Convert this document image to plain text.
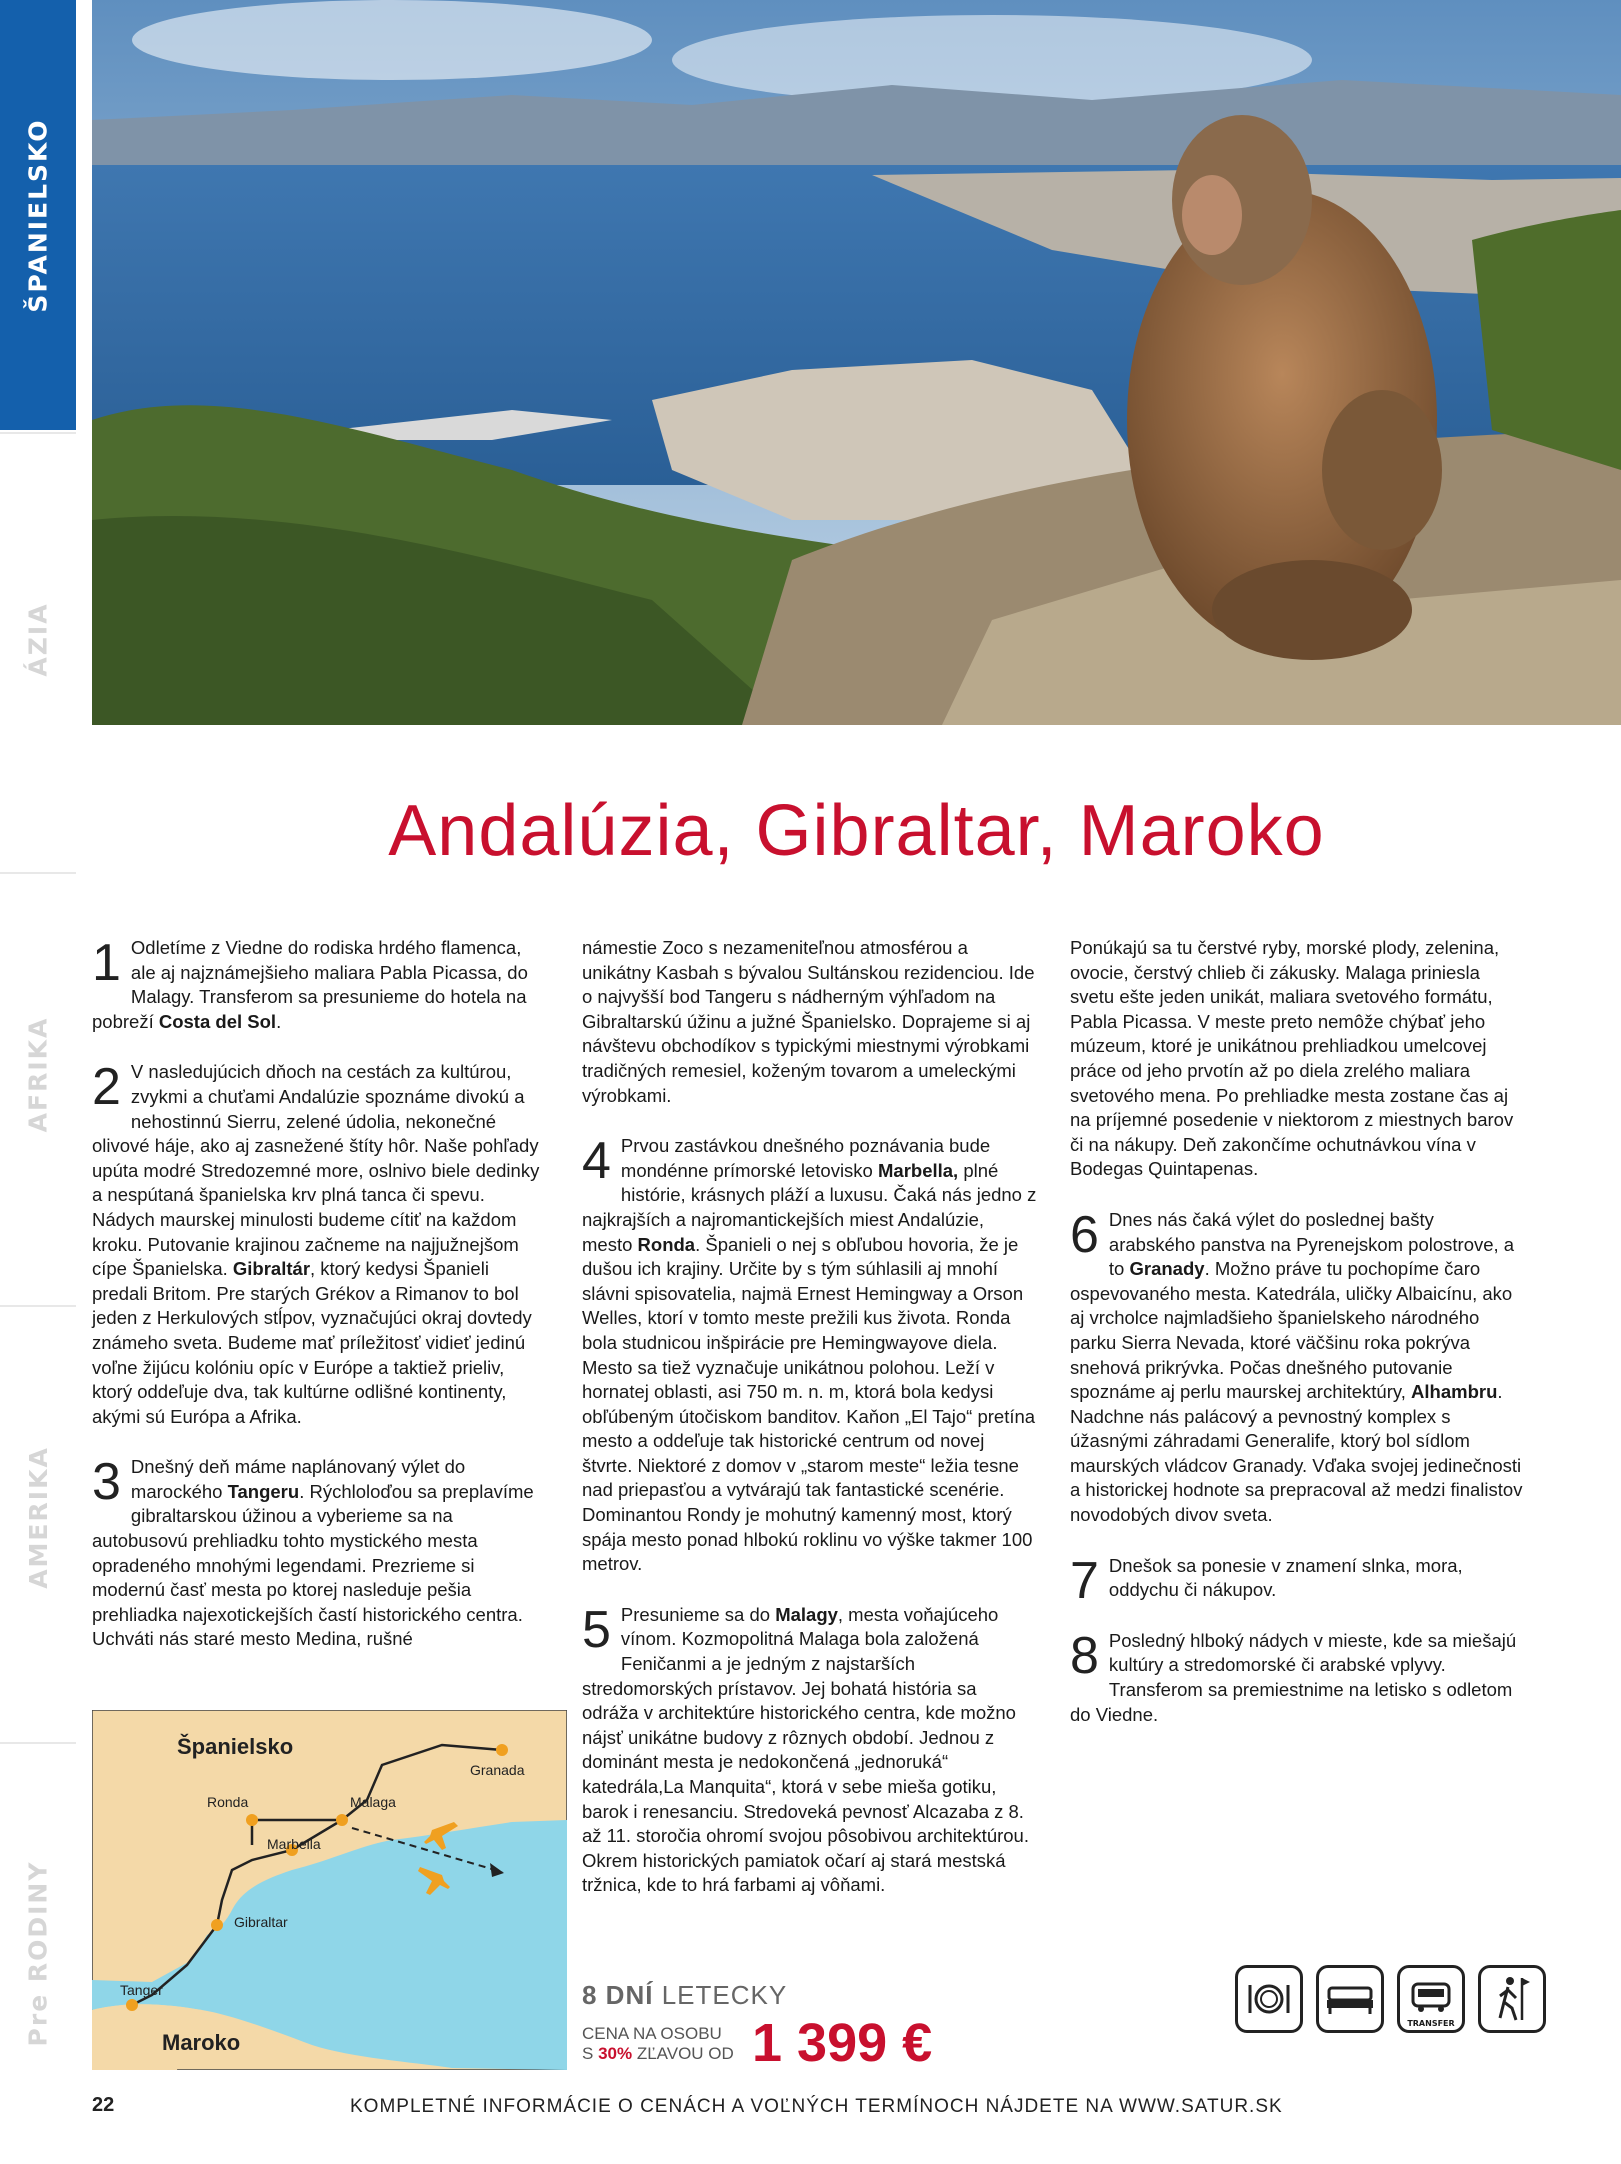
ŠPANIELSKO
ÁZIA
AFRIKA
AMERIKA
Pre RODINY
Andalúzia, Gibraltar, Maroko
1 Odletíme z Viedne do rodiska hrdého flamenca, ale aj najznámejšieho maliara Pabla Picassa, do Malagy. Transferom sa presunieme do hotela na pobreží Costa del Sol.
2 V nasledujúcich dňoch na cestách za kultúrou, zvykmi a chuťami Andalúzie spoznáme divokú a nehostinnú Sierru, zelené údolia, nekonečné olivové háje, ako aj zasnežené štíty hôr. Naše pohľady upúta modré Stredozemné more, oslnivo biele dedinky a nespútaná španielska krv plná tanca či spevu. Nádych maurskej minulosti budeme cítiť na každom kroku. Putovanie krajinou začneme na najjužnejšom cípe Španielska. Gibraltár, ktorý kedysi Španieli predali Britom. Pre starých Grékov a Rimanov to bol jeden z Herkulových stĺpov, vyznačujúci okraj dovtedy známeho sveta. Budeme mať príležitosť vidieť jedinú voľne žijúcu kolóniu opíc v Európe a taktiež prieliv, ktorý oddeľuje dva, tak kultúrne odlišné kontinenty, akými sú Európa a Afrika.
3 Dnešný deň máme naplánovaný výlet do marockého Tangeru. Rýchloloďou sa preplavíme gibraltarskou úžinou a vyberieme sa na autobusovú prehliadku tohto mystického mesta opradeného mnohými legendami. Prezrieme si modernú časť mesta po ktorej nasleduje pešia prehliadka najexotickejších častí historického centra. Uchváti nás staré mesto Medina, rušné
námestie Zoco s nezameniteľnou atmosférou a unikátny Kasbah s bývalou Sultánskou rezidenciou. Ide o najvyšší bod Tangeru s nádherným výhľadom na Gibraltarskú úžinu a južné Španielsko. Doprajeme si aj návštevu obchodíkov s typickými miestnymi výrobkami tradičných remesiel, koženým tovarom a umeleckými výrobkami.
4 Prvou zastávkou dnešného poznávania bude mondénne prímorské letovisko Marbella, plné histórie, krásnych pláží a luxusu. Čaká nás jedno z najkrajších a najromantickejších miest Andalúzie, mesto Ronda. Španieli o nej s obľubou hovoria, že je dušou ich krajiny. Určite by s tým súhlasili aj mnohí slávni spisovatelia, najmä Ernest Hemingway a Orson Welles, ktorí v tomto meste prežili kus života. Ronda bola studnicou inšpirácie pre Hemingwayove diela. Mesto sa tiež vyznačuje unikátnou polohou. Leží v hornatej oblasti, asi 750 m. n. m, ktorá bola kedysi obľúbeným útočiskom banditov. Kaňon „El Tajo“ pretína mesto a oddeľuje tak historické centrum od novej štvrte. Niektoré z domov v „starom meste“ ležia tesne nad priepasťou a vytvárajú tak fantastické scenérie. Dominantou Rondy je mohutný kamenný most, ktorý spája mesto ponad hlbokú roklinu vo výške takmer 100 metrov.
5 Presunieme sa do Malagy, mesta voňajúceho vínom. Kozmopolitná Malaga bola založená Feničanmi a je jedným z najstarších stredomorských prístavov. Jej bohatá história sa odráža v architektúre historického centra, kde možno nájsť unikátne budovy z rôznych období. Jednou z dominánt mesta je nedokončená „jednoruká“ katedrála,La Manquita“, ktorá v sebe mieša gotiku, barok i renesanciu. Stredoveká pevnosť Alcazaba z 8. až 11. storočia ohromí svojou pôsobivou architektúrou. Okrem historických pamiatok očarí aj stará mestská tržnica, kde to hrá farbami aj vôňami.
Ponúkajú sa tu čerstvé ryby, morské plody, zelenina, ovocie, čerstvý chlieb či zákusky. Malaga priniesla svetu ešte jeden unikát, maliara svetového formátu, Pabla Picassa. V meste preto nemôže chýbať jeho múzeum, ktoré je unikátnou prehliadkou umelcovej práce od jeho prvotín až po diela zrelého maliara svetového mena. Po prehliadke mesta zostane čas aj na príjemné posedenie v niektorom z miestnych barov či na nákupy. Deň zakončíme ochutnávkou vína v Bodegas Quintapenas.
6 Dnes nás čaká výlet do poslednej bašty arabského panstva na Pyrenejskom polostrove, a to Granady. Možno práve tu pochopíme čaro ospevovaného mesta. Katedrála, uličky Albaicínu, ako aj vrcholce najmladšieho španielskeho národného parku Sierra Nevada, ktoré väčšinu roka pokrýva snehová prikrývka. Počas dnešného putovanie spoznáme aj perlu maurskej architektúry, Alhambru. Nadchne nás palácový a pevnostný komplex s úžasnými záhradami Generalife, ktorý bol sídlom maurských vládcov Granady. Vďaka svojej jedinečnosti a historickej hodnote sa prepracoval až medzi finalistov novodobých divov sveta.
7 Dnešok sa ponesie v znamení slnka, mora, oddychu či nákupov.
8 Posledný hlboký nádych v mieste, kde sa miešajú kultúry a stredomorské či arabské vplyvy. Transferom sa premiestnime na letisko s odletom do Viedne.
Španielsko
Maroko
Granada
Ronda	Malaga
Marbella
Gibraltar
Tanger	8 DNÍ LETECKY
CENA NA OSOBU
S 30% ZĽAVOU OD 1 399 €	TRANSFER
22	KOMPLETNÉ INFORMÁCIE O CENÁCH A VOĽNÝCH TERMÍNOCH NÁJDETE NA WWW.SATUR.SK
